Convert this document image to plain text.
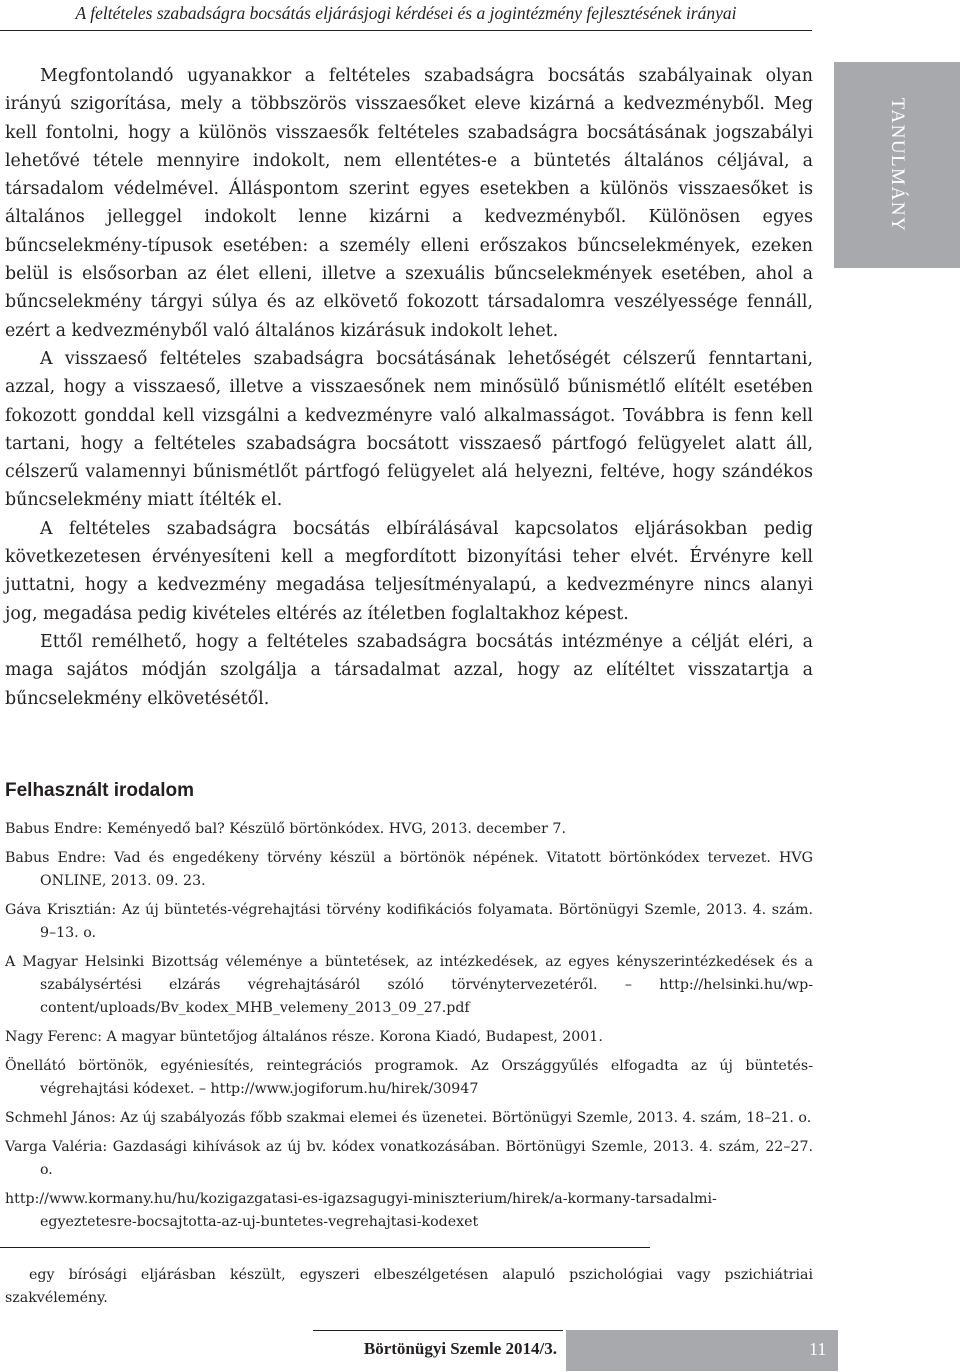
A feltételes szabadságra bocsátás eljárásjogi kérdései és a jogintézmény fejlesztésének irányai
TANULMÁNY

Megfontolandó ugyanakkor a feltételes szabadságra bocsátás szabályainak olyan irányú szigorítása, mely a többszörös visszaesőket eleve kizárná a kedvezményből. Meg kell fontolni, hogy a különös visszaesők feltételes szabadságra bocsátásának jogszabályi lehetővé tétele mennyire indokolt, nem ellentétes-e a büntetés általános céljával, a társadalom védelmével. Álláspontom szerint egyes esetekben a különös visszaesőket is általános jelleggel indokolt lenne kizárni a kedvezményből. Különösen egyes bűncselekmény-típusok esetében: a személy elleni erőszakos bűncselekmények, ezeken belül is elsősorban az élet elleni, illetve a szexuális bűncselekmények esetében, ahol a bűncselekmény tárgyi súlya és az elkövető fokozott társadalomra veszélyessége fennáll, ezért a kedvezményből való általános kizárásuk indokolt lehet.

A visszaeső feltételes szabadságra bocsátásának lehetőségét célszerű fenntartani, azzal, hogy a visszaeső, illetve a visszaesőnek nem minősülő bűnismétlő elítélt esetében fokozott gonddal kell vizsgálni a kedvezményre való alkalmasságot. Továbbra is fenn kell tartani, hogy a feltételes szabadságra bocsátott visszaeső pártfogó felügyelet alatt áll, célszerű valamennyi bűnismétlőt pártfogó felügyelet alá helyezni, feltéve, hogy szándékos bűncselekmény miatt ítélték el.

A feltételes szabadságra bocsátás elbírálásával kapcsolatos eljárásokban pedig következetesen érvényesíteni kell a megfordított bizonyítási teher elvét. Érvényre kell juttatni, hogy a kedvezmény megadása teljesítményalapú, a kedvezményre nincs alanyi jog, megadása pedig kivételes eltérés az ítéletben foglaltakhoz képest.

Ettől remélhető, hogy a feltételes szabadságra bocsátás intézménye a célját eléri, a maga sajátos módján szolgálja a társadalmat azzal, hogy az elítéltet visszatartja a bűncselekmény elkövetésétől.

Felhasznált irodalom

Babus Endre: Keményedő bal? Készülő börtönkódex. HVG, 2013. december 7.

Babus Endre: Vad és engedékeny törvény készül a börtönök népének. Vitatott börtönkódex tervezet. HVG ONLINE, 2013. 09. 23.

Gáva Krisztián: Az új büntetés-végrehajtási törvény kodifikációs folyamata. Börtönügyi Szemle, 2013. 4. szám. 9–13. o.

A Magyar Helsinki Bizottság véleménye a büntetések, az intézkedések, az egyes kényszerintézkedések és a szabálysértési elzárás végrehajtásáról szóló törvénytervezetéről. – http://helsinki.hu/wp-content/uploads/Bv_kodex_MHB_velemeny_2013_09_27.pdf

Nagy Ferenc: A magyar büntetőjog általános része. Korona Kiadó, Budapest, 2001.

Önellátó börtönök, egyéniesítés, reintegrációs programok. Az Országgyűlés elfogadta az új büntetés-végrehajtási kódexet. – http://www.jogiforum.hu/hirek/30947

Schmehl János: Az új szabályozás főbb szakmai elemei és üzenetei. Börtönügyi Szemle, 2013. 4. szám, 18–21. o.

Varga Valéria: Gazdasági kihívások az új bv. kódex vonatkozásában. Börtönügyi Szemle, 2013. 4. szám, 22–27. o.

http://www.kormany.hu/hu/kozigazgatasi-es-igazsagugyi-miniszterium/hirek/a-kormany-tarsadalmi-egyeztetesre-bocsajtotta-az-uj-buntetes-vegrehajtasi-kodexet

egy bírósági eljárásban készült, egyszeri elbeszélgetésen alapuló pszichológiai vagy pszichiátriai szakvélemény.

Börtönügyi Szemle 2014/3.	11
